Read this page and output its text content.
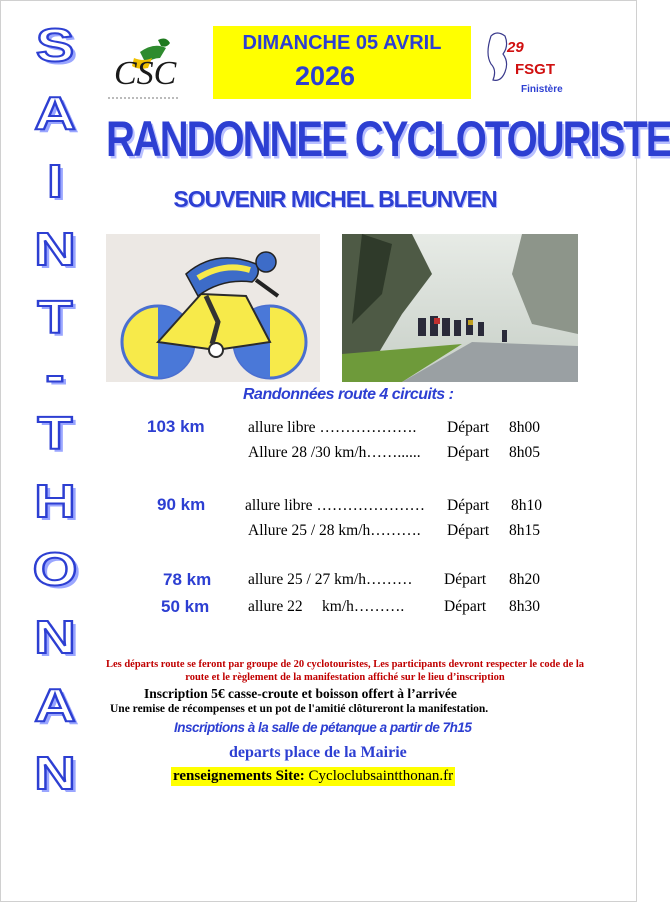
S
A
I
N
T
-
T
H
O
N
A
N
CSC
DIMANCHE 05 AVRIL
2026
29
FSGT
Finistère
RANDONNEE CYCLOTOURISTE
SOUVENIR MICHEL BLEUNVEN
Randonnées route 4 circuits :
103 km	allure libre ………………. Départ 8h00
Allure 28 /30 km/h……...... Départ 8h05
90 km	allure libre ………………… Départ 8h10
Allure 25 / 28 km/h………. Départ 8h15
78 km allure 25 / 27 km/h……… Départ 8h20
50 km	allure 22     km/h……….	Départ 8h30
Les départs route se feront par groupe de 20 cyclotouristes, Les participants devront respecter le code de la route et le règlement de la manifestation affiché sur le lieu d’inscription
Inscription 5€ casse-croute et boisson offert à l’arrivée
Une remise de récompenses et un pot de l'amitié clôtureront la manifestation.
Inscriptions à la salle de pétanque a partir de 7h15
departs place de la Mairie
renseignements Site: Cycloclubsaintthonan.fr
